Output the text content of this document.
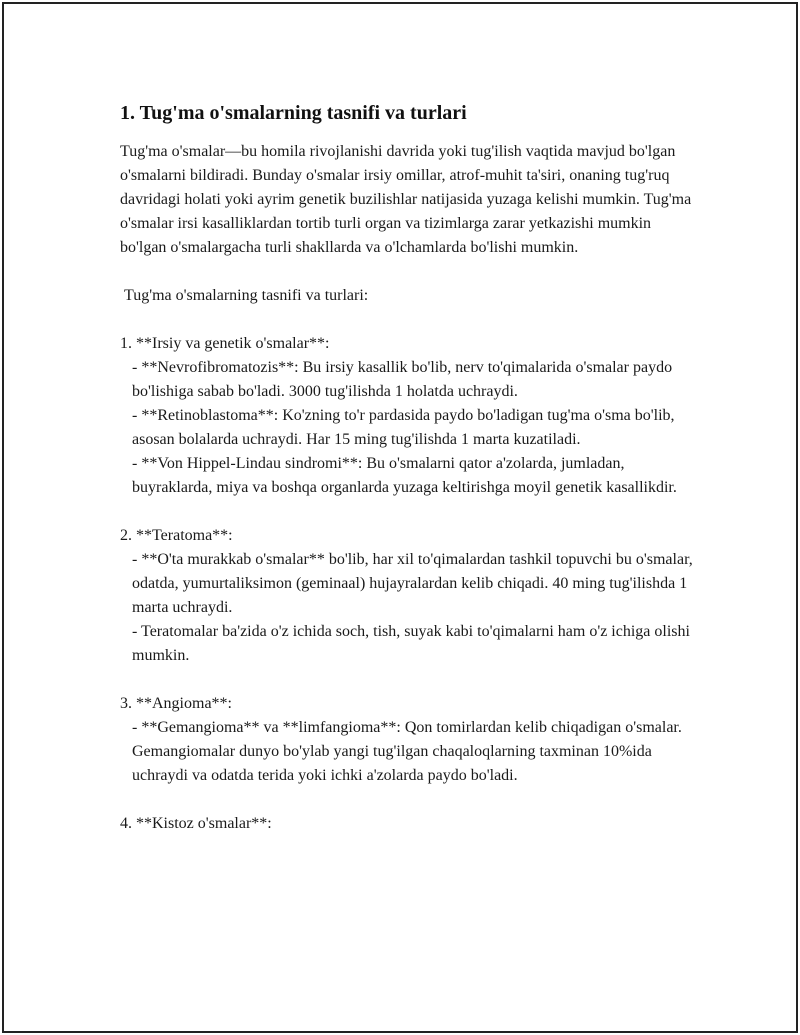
1. Tug'ma o'smalarning tasnifi va turlari

Tug'ma o'smalar—bu homila rivojlanishi davrida yoki tug'ilish vaqtida mavjud bo'lgan o'smalarni bildiradi. Bunday o'smalar irsiy omillar, atrof-muhit ta'siri, onaning tug'ruq davridagi holati yoki ayrim genetik buzilishlar natijasida yuzaga kelishi mumkin. Tug'ma o'smalar irsi kasalliklardan tortib turli organ va tizimlarga zarar yetkazishi mumkin bo'lgan o'smalargacha turli shakllarda va o'lchamlarda bo'lishi mumkin.

Tug'ma o'smalarning tasnifi va turlari:

1. **Irsiy va genetik o'smalar**:

- **Nevrofibromatozis**: Bu irsiy kasallik bo'lib, nerv to'qimalarida o'smalar paydo bo'lishiga sabab bo'ladi. 3000 tug'ilishda 1 holatda uchraydi.

- **Retinoblastoma**: Ko'zning to'r pardasida paydo bo'ladigan tug'ma o'sma bo'lib, asosan bolalarda uchraydi. Har 15 ming tug'ilishda 1 marta kuzatiladi.

- **Von Hippel-Lindau sindromi**: Bu o'smalarni qator a'zolarda, jumladan, buyraklarda, miya va boshqa organlarda yuzaga keltirishga moyil genetik kasallikdir.

2. **Teratoma**:

- **O'ta murakkab o'smalar** bo'lib, har xil to'qimalardan tashkil topuvchi bu o'smalar, odatda, yumurtaliksimon (geminaal) hujayralardan kelib chiqadi. 40 ming tug'ilishda 1 marta uchraydi.

- Teratomalar ba'zida o'z ichida soch, tish, suyak kabi to'qimalarni ham o'z ichiga olishi mumkin.

3. **Angioma**:

- **Gemangioma** va **limfangioma**: Qon tomirlardan kelib chiqadigan o'smalar. Gemangiomalar dunyo bo'ylab yangi tug'ilgan chaqaloqlarning taxminan 10%ida uchraydi va odatda terida yoki ichki a'zolarda paydo bo'ladi.

4. **Kistoz o'smalar**:
